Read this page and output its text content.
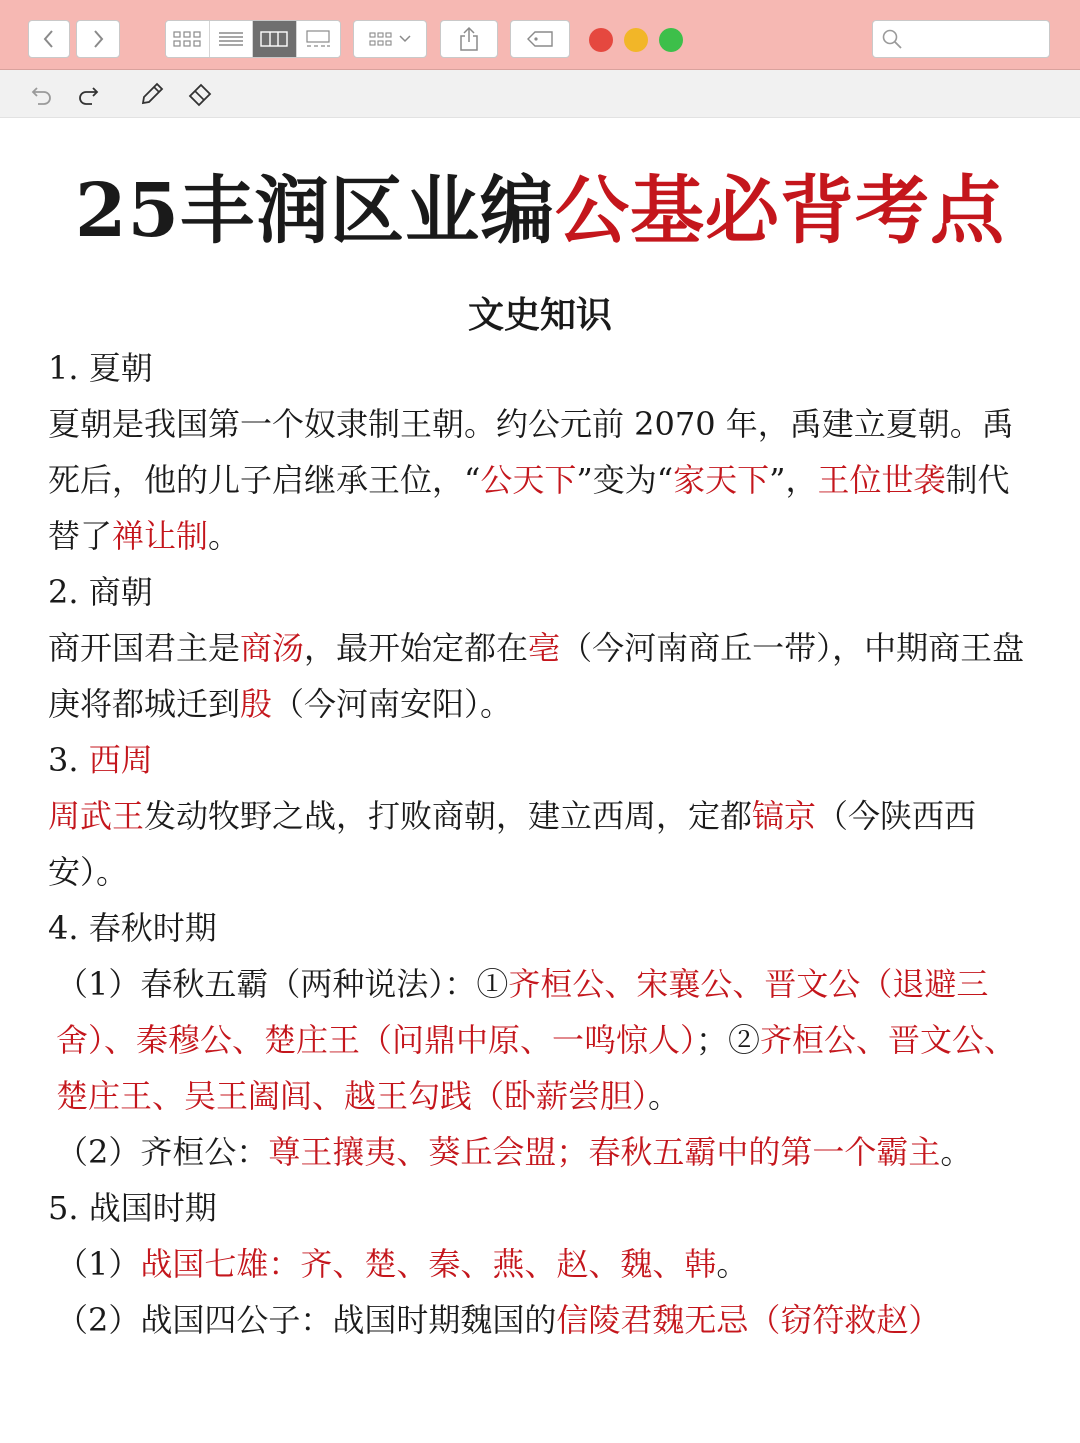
25丰润区业编公基必背考点
文史知识

1. 夏朝

夏朝是我国第一个奴隶制王朝。约公元前 2070 年，禹建立夏朝。禹死后，他的儿子启继承王位，“公天下”变为“家天下”，王位世袭制代替了禅让制。

2. 商朝

商开国君主是商汤，最开始定都在亳（今河南商丘一带），中期商王盘庚将都城迁到殷（今河南安阳）。

3. 西周

周武王发动牧野之战，打败商朝，建立西周，定都镐京（今陕西西安）。

4. 春秋时期

（1）春秋五霸（两种说法）：①齐桓公、宋襄公、晋文公（退避三舍）、秦穆公、楚庄王（问鼎中原、一鸣惊人）；②齐桓公、晋文公、楚庄王、吴王阖闾、越王勾践（卧薪尝胆）。

（2）齐桓公：尊王攘夷、葵丘会盟；春秋五霸中的第一个霸主。

5. 战国时期

（1）战国七雄：齐、楚、秦、燕、赵、魏、韩。

（2）战国四公子：战国时期魏国的信陵君魏无忌（窃符救赵）
